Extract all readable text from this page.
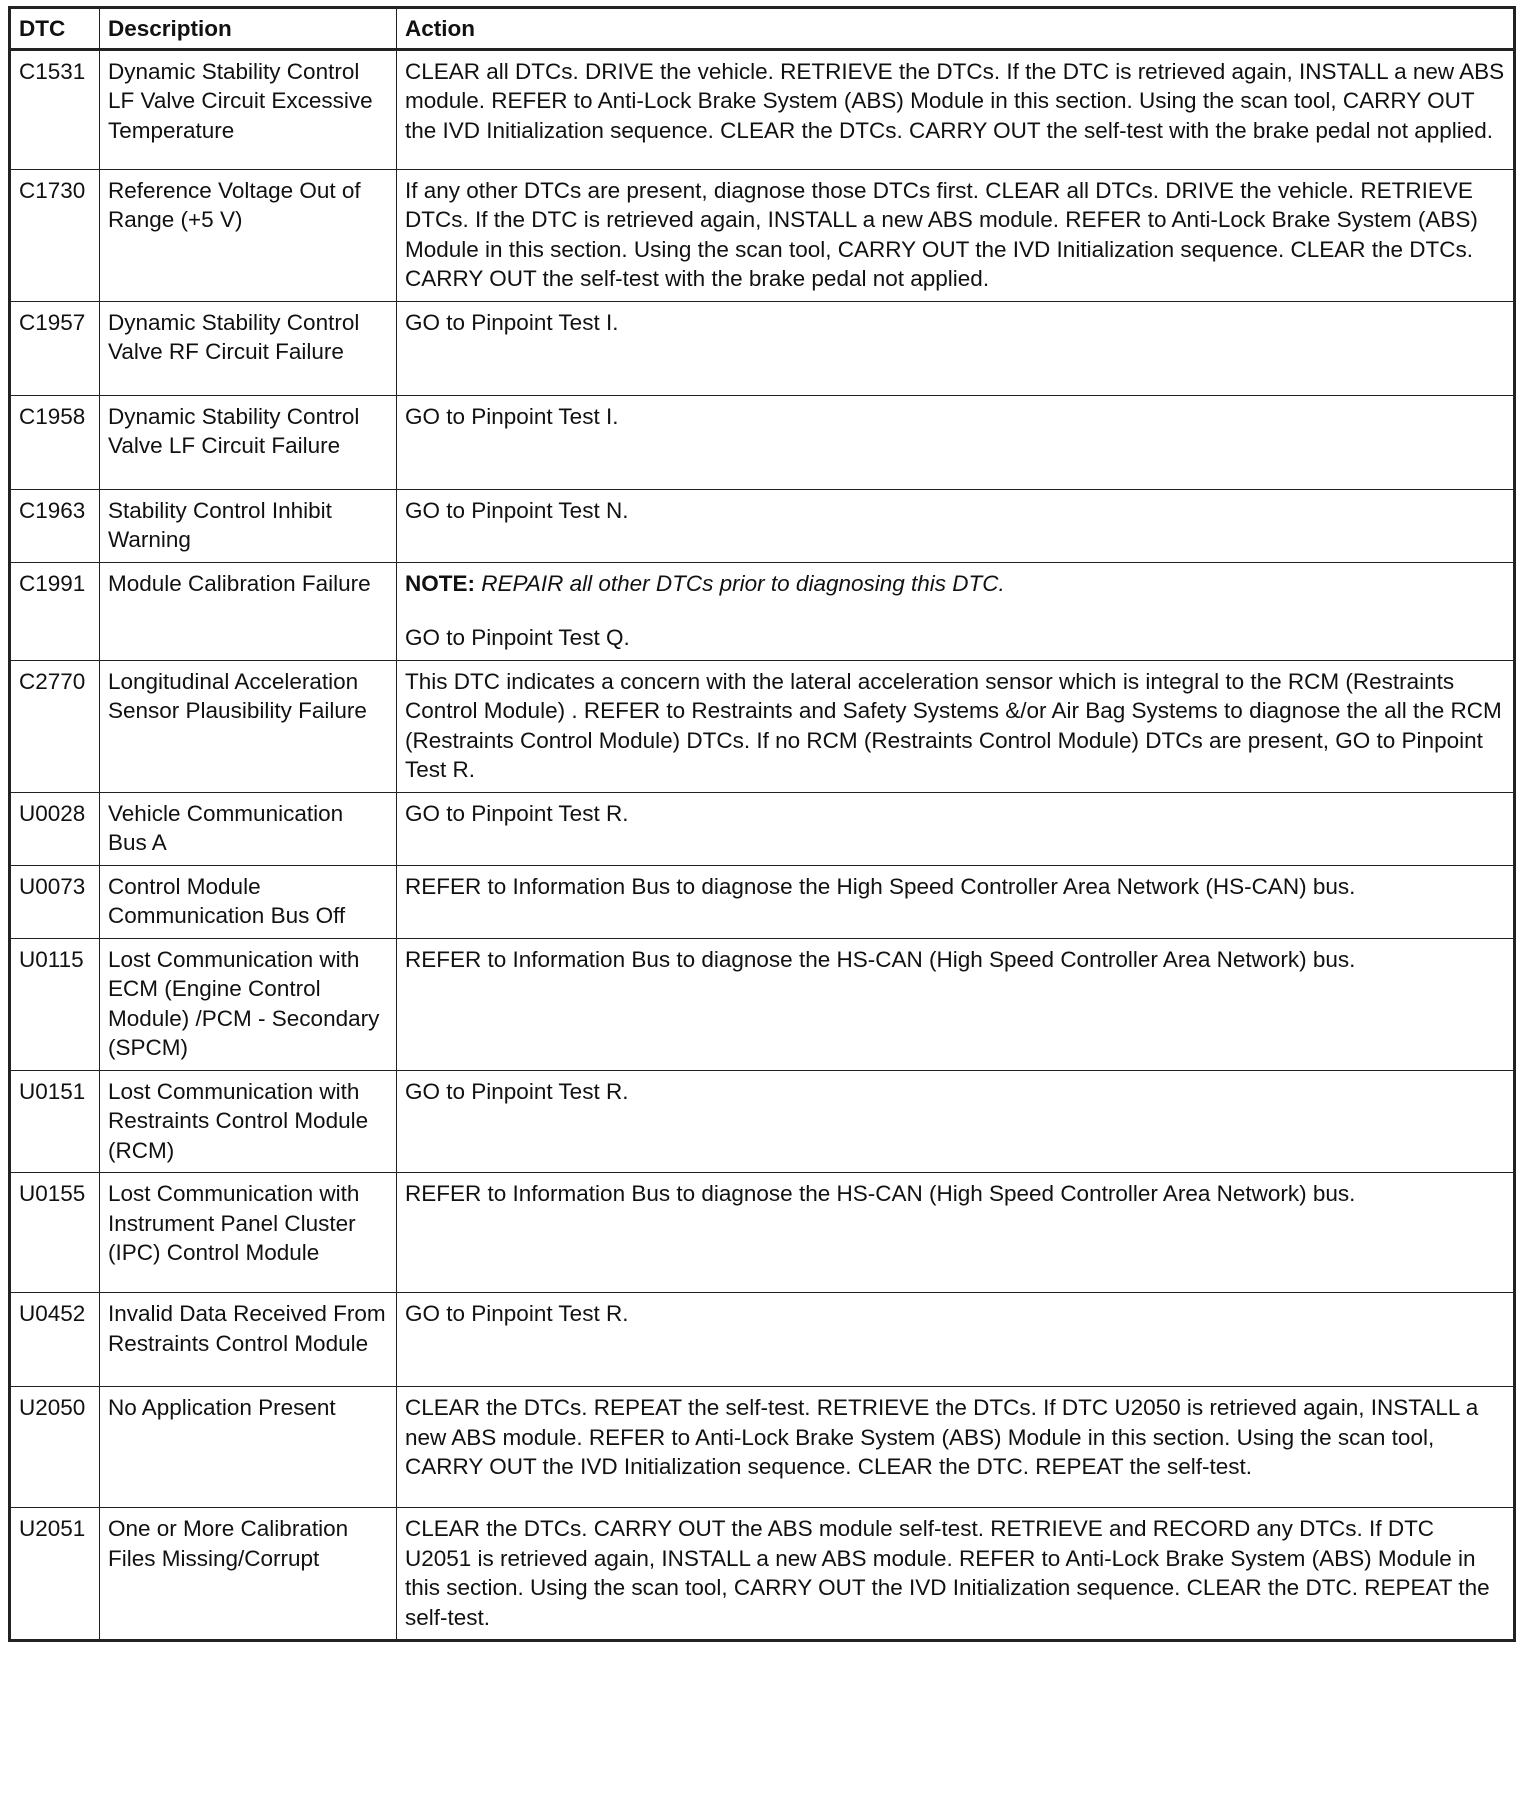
DTC	Description	Action
C1531	Dynamic Stability Control LF Valve Circuit Excessive Temperature	CLEAR all DTCs. DRIVE the vehicle. RETRIEVE the DTCs. If the DTC is retrieved again, INSTALL a new ABS module. REFER to Anti-Lock Brake System (ABS) Module in this section. Using the scan tool, CARRY OUT the IVD Initialization sequence. CLEAR the DTCs. CARRY OUT the self-test with the brake pedal not applied.
C1730	Reference Voltage Out of Range (+5 V)	If any other DTCs are present, diagnose those DTCs first. CLEAR all DTCs. DRIVE the vehicle. RETRIEVE DTCs. If the DTC is retrieved again, INSTALL a new ABS module. REFER to Anti-Lock Brake System (ABS) Module in this section. Using the scan tool, CARRY OUT the IVD Initialization sequence. CLEAR the DTCs. CARRY OUT the self-test with the brake pedal not applied.
C1957	Dynamic Stability Control Valve RF Circuit Failure	GO to Pinpoint Test I.
C1958	Dynamic Stability Control Valve LF Circuit Failure	GO to Pinpoint Test I.
C1963	Stability Control Inhibit Warning	GO to Pinpoint Test N.
C1991	Module Calibration Failure	NOTE: REPAIR all other DTCs prior to diagnosing this DTC.
GO to Pinpoint Test Q.
C2770	Longitudinal Acceleration Sensor Plausibility Failure	This DTC indicates a concern with the lateral acceleration sensor which is integral to the RCM (Restraints Control Module) . REFER to Restraints and Safety Systems &/or Air Bag Systems to diagnose the all the RCM (Restraints Control Module) DTCs. If no RCM (Restraints Control Module) DTCs are present, GO to Pinpoint Test R.
U0028	Vehicle Communication Bus A	GO to Pinpoint Test R.
U0073	Control Module Communication Bus Off	REFER to Information Bus to diagnose the High Speed Controller Area Network (HS-CAN) bus.
U0115	Lost Communication with ECM (Engine Control Module) /PCM - Secondary (SPCM)	REFER to Information Bus to diagnose the HS-CAN (High Speed Controller Area Network) bus.
U0151	Lost Communication with Restraints Control Module (RCM)	GO to Pinpoint Test R.
U0155	Lost Communication with Instrument Panel Cluster (IPC) Control Module	REFER to Information Bus to diagnose the HS-CAN (High Speed Controller Area Network) bus.
U0452	Invalid Data Received From Restraints Control Module	GO to Pinpoint Test R.
U2050	No Application Present	CLEAR the DTCs. REPEAT the self-test. RETRIEVE the DTCs. If DTC U2050 is retrieved again, INSTALL a new ABS module. REFER to Anti-Lock Brake System (ABS) Module in this section. Using the scan tool, CARRY OUT the IVD Initialization sequence. CLEAR the DTC. REPEAT the self-test.
U2051	One or More Calibration Files Missing/Corrupt	CLEAR the DTCs. CARRY OUT the ABS module self-test. RETRIEVE and RECORD any DTCs. If DTC U2051 is retrieved again, INSTALL a new ABS module. REFER to Anti-Lock Brake System (ABS) Module in this section. Using the scan tool, CARRY OUT the IVD Initialization sequence. CLEAR the DTC. REPEAT the self-test.
